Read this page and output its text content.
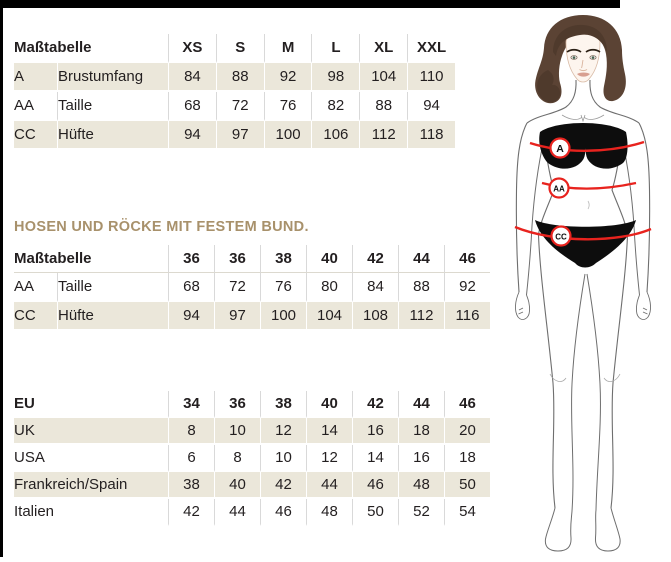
Maßtabelle		XS	S	M	L	XL	XXL
A	Brustumfang	84	88	92	98	104	110
AA	Taille	68	72	76	82	88	94
CC	Hüfte	94	97	100	106	112	118
HOSEN UND RÖCKE MIT FESTEM BUND.
Maßtabelle		36	36	38	40	42	44	46
AA	Taille	68	72	76	80	84	88	92
CC	Hüfte	94	97	100	104	108	112	116
EU	34	36	38	40	42	44	46
UK	8	10	12	14	16	18	20
USA	6	8	10	12	14	16	18
Frankreich/Spain	38	40	42	44	46	48	50
Italien	42	44	46	48	50	52	54
A
AA
CC
